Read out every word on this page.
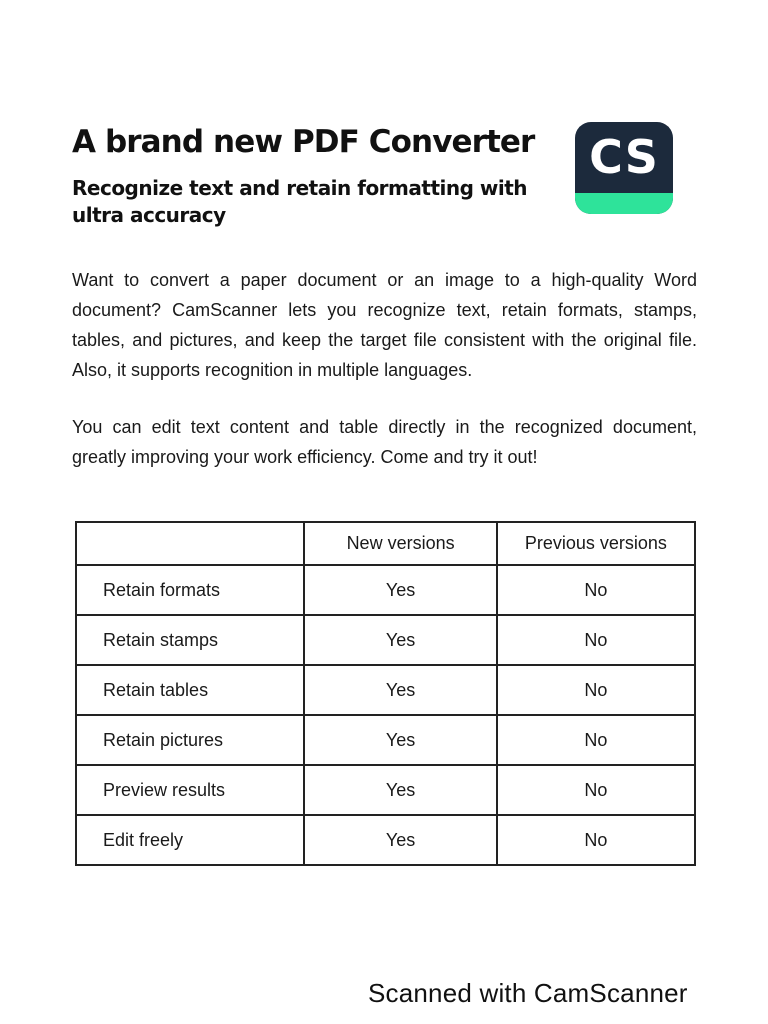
A brand new PDF Converter
Recognize text and retain formatting with ultra accuracy
CS

Want to convert a paper document or an image to a high-quality Word document? CamScanner lets you recognize text, retain formats, stamps, tables, and pictures, and keep the target file consistent with the original file. Also, it supports recognition in multiple languages.

You can edit text content and table directly in the recognized document, greatly improving your work efficiency. Come and try it out!

	New versions	Previous versions
Retain formats	Yes	No
Retain stamps	Yes	No
Retain tables	Yes	No
Retain pictures	Yes	No
Preview results	Yes	No
Edit freely	Yes	No
Scanned with CamScanner
